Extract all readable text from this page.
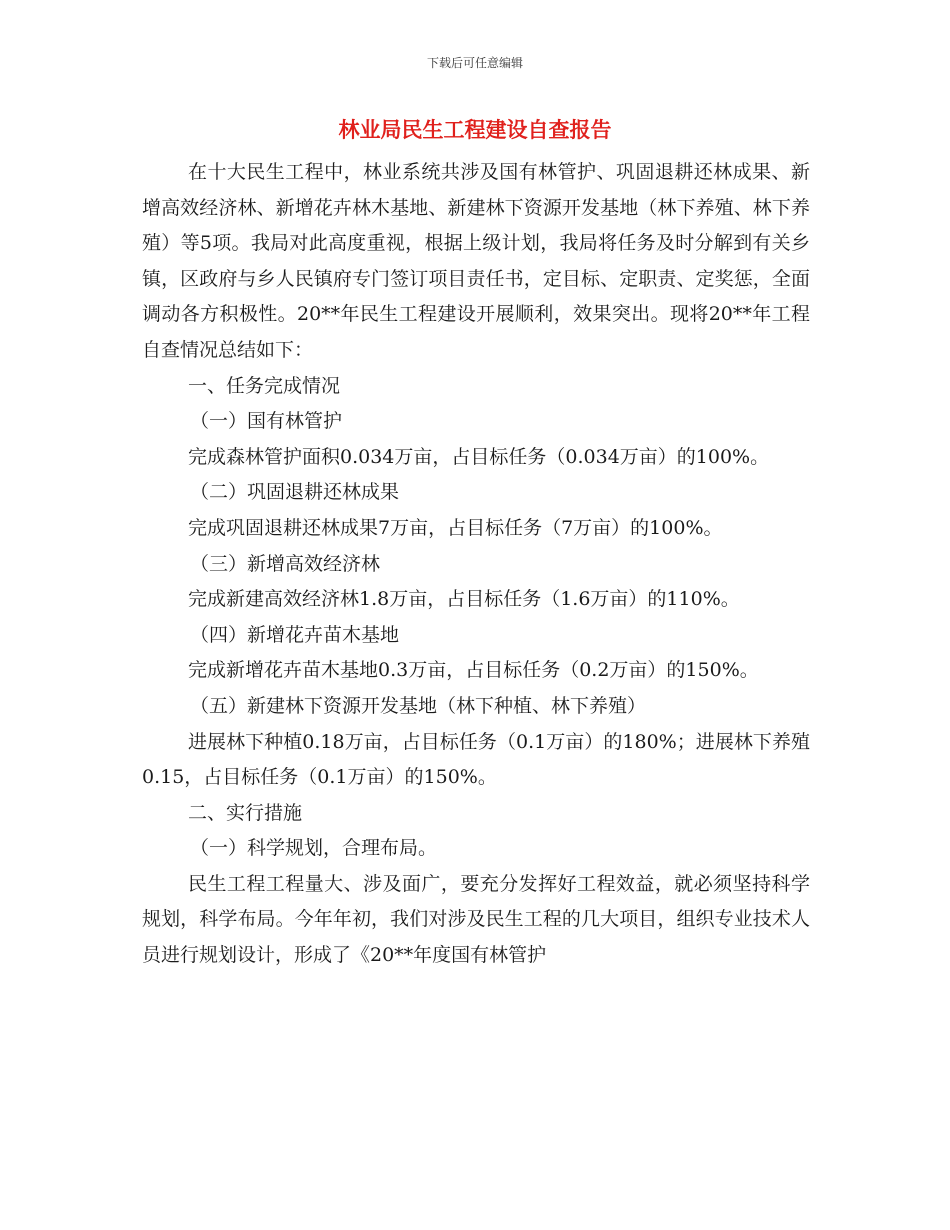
下载后可任意编辑
林业局民生工程建设自查报告

在十大民生工程中，林业系统共涉及国有林管护、巩固退耕还林成果、新增高效经济林、新增花卉林木基地、新建林下资源开发基地（林下养殖、林下养殖）等5项。我局对此高度重视，根据上级计划，我局将任务及时分解到有关乡镇，区政府与乡人民镇府专门签订项目责任书，定目标、定职责、定奖惩，全面调动各方积极性。20**年民生工程建设开展顺利，效果突出。现将20**年工程自查情况总结如下：

一、任务完成情况

（一）国有林管护

完成森林管护面积0.034万亩，占目标任务（0.034万亩）的100%。

（二）巩固退耕还林成果

完成巩固退耕还林成果7万亩，占目标任务（7万亩）的100%。

（三）新增高效经济林

完成新建高效经济林1.8万亩，占目标任务（1.6万亩）的110%。

（四）新增花卉苗木基地

完成新增花卉苗木基地0.3万亩，占目标任务（0.2万亩）的150%。

（五）新建林下资源开发基地（林下种植、林下养殖）

进展林下种植0.18万亩，占目标任务（0.1万亩）的180%；进展林下养殖0.15，占目标任务（0.1万亩）的150%。

二、实行措施

（一）科学规划，合理布局。

民生工程工程量大、涉及面广，要充分发挥好工程效益，就必须坚持科学规划，科学布局。今年年初，我们对涉及民生工程的几大项目，组织专业技术人员进行规划设计，形成了《20**年度国有林管护
